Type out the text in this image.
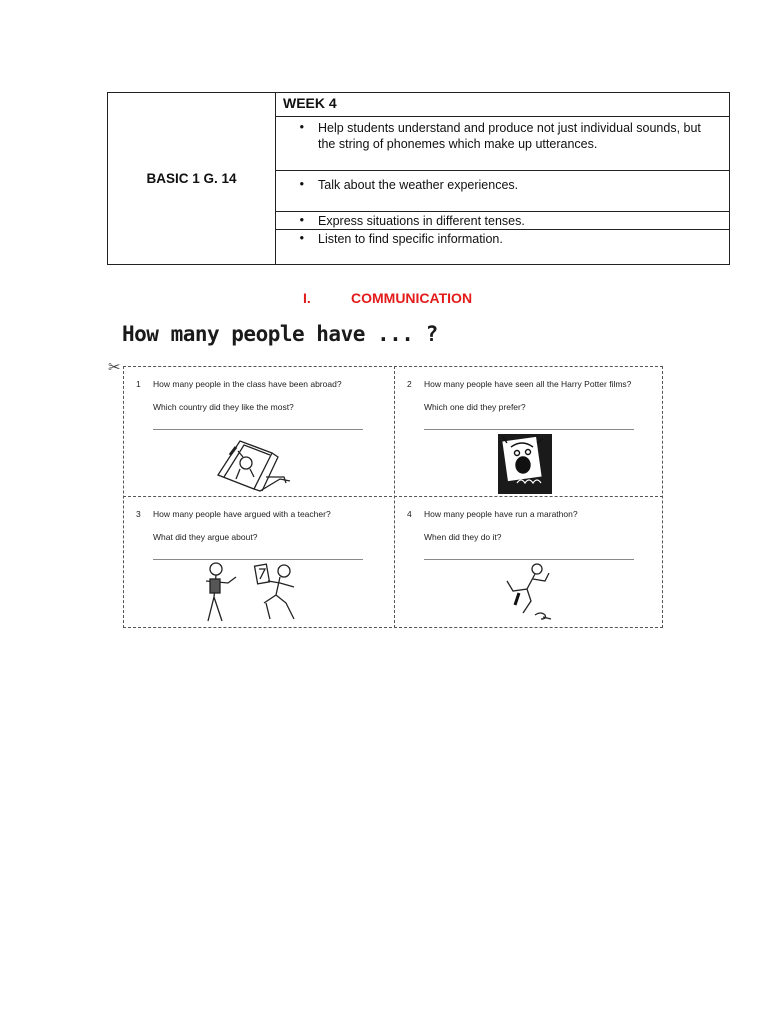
BASIC 1 G. 14	WEEK 4

•	Help students understand and produce not just individual sounds, but the string of phonemes which make up utterances.

•	Talk about the weather experiences.

•	Express situations in different tenses.

•	Listen to find specific information.
I.	COMMUNICATION
How many people have ... ?
✂
1 How many people in the class have been abroad?
Which country did they like the most?
2 How many people have seen all the Harry Potter films?
Which one did they prefer?
3 How many people have argued with a teacher?
What did they argue about?
4 How many people have run a marathon?
When did they do it?
